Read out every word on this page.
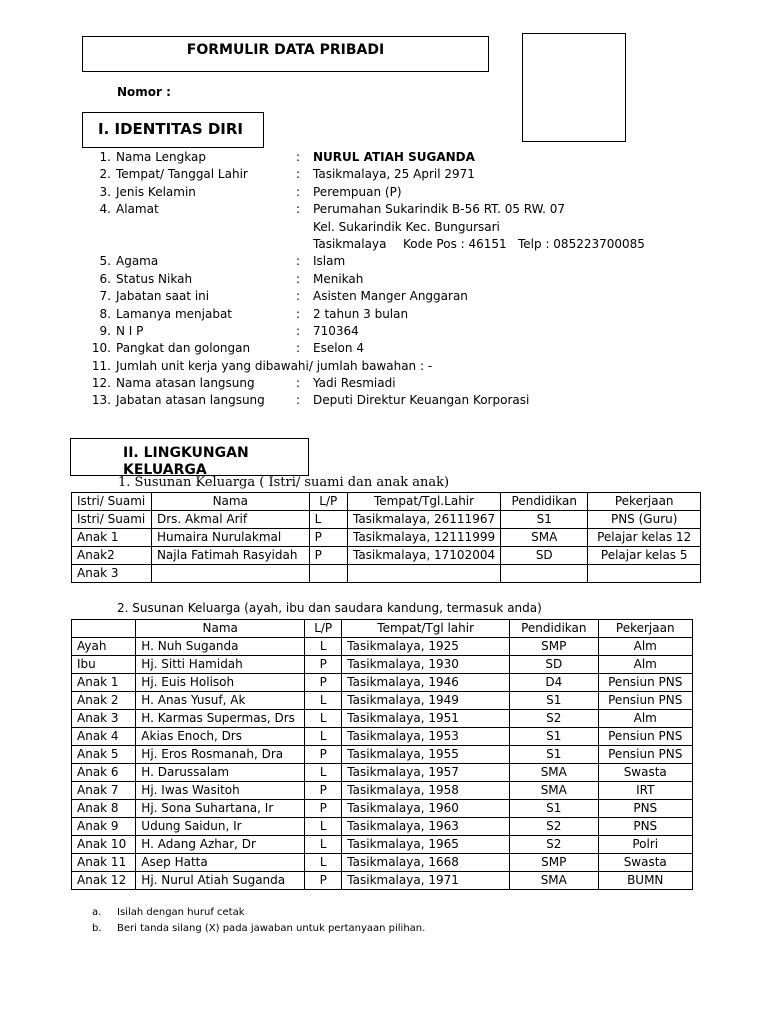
FORMULIR DATA PRIBADI
Nomor :
I. IDENTITAS DIRI
1. Nama Lengkap	: NURUL ATIAH SUGANDA
2. Tempat/ Tanggal Lahir	: Tasikmalaya, 25 April 2971
3. Jenis Kelamin	: Perempuan (P)
4. Alamat	: Perumahan Sukarindik B-56 RT. 05 RW. 07
Kel. Sukarindik Kec. Bungursari
Tasikmalaya Kode Pos : 46151 Telp : 085223700085
5. Agama	: Islam
6. Status Nikah	: Menikah
7. Jabatan saat ini	: Asisten Manger Anggaran
8. Lamanya menjabat	: 2 tahun 3 bulan
9. N I P	: 710364
10. Pangkat dan golongan	: Eselon 4
11. Jumlah unit kerja yang dibawahi/ jumlah bawahan : -
12. Nama atasan langsung	: Yadi Resmiadi
13. Jabatan atasan langsung	: Deputi Direktur Keuangan Korporasi
II. LINGKUNGAN KELUARGA
1. Susunan Keluarga ( Istri/ suami dan anak anak)
Istri/ Suami	Nama	L/P	Tempat/Tgl.Lahir	Pendidikan	Pekerjaan
Istri/ Suami	Drs. Akmal Arif	L	Tasikmalaya, 26111967	S1	PNS (Guru)
Anak 1	Humaira Nurulakmal	P	Tasikmalaya, 12111999	SMA	Pelajar kelas 12
Anak2	Najla Fatimah Rasyidah	P	Tasikmalaya, 17102004	SD	Pelajar kelas 5
Anak 3					
2. Susunan Keluarga (ayah, ibu dan saudara kandung, termasuk anda)
	Nama	L/P	Tempat/Tgl lahir	Pendidikan	Pekerjaan
Ayah	H. Nuh Suganda	L	Tasikmalaya, 1925	SMP	Alm
Ibu	Hj. Sitti Hamidah	P	Tasikmalaya, 1930	SD	Alm
Anak 1	Hj. Euis Holisoh	P	Tasikmalaya, 1946	D4	Pensiun PNS
Anak 2	H. Anas Yusuf, Ak	L	Tasikmalaya, 1949	S1	Pensiun PNS
Anak 3	H. Karmas Supermas, Drs	L	Tasikmalaya, 1951	S2	Alm
Anak 4	Akias Enoch, Drs	L	Tasikmalaya, 1953	S1	Pensiun PNS
Anak 5	Hj. Eros Rosmanah, Dra	P	Tasikmalaya, 1955	S1	Pensiun PNS
Anak 6	H. Darussalam	L	Tasikmalaya, 1957	SMA	Swasta
Anak 7	Hj. Iwas Wasitoh	P	Tasikmalaya, 1958	SMA	IRT
Anak 8	Hj. Sona Suhartana, Ir	P	Tasikmalaya, 1960	S1	PNS
Anak 9	Udung Saidun, Ir	L	Tasikmalaya, 1963	S2	PNS
Anak 10	H. Adang Azhar, Dr	L	Tasikmalaya, 1965	S2	Polri
Anak 11	Asep Hatta	L	Tasikmalaya, 1668	SMP	Swasta
Anak 12	Hj. Nurul Atiah Suganda	P	Tasikmalaya, 1971	SMA	BUMN
a. Isilah dengan huruf cetak
b. Beri tanda silang (X) pada jawaban untuk pertanyaan pilihan.
